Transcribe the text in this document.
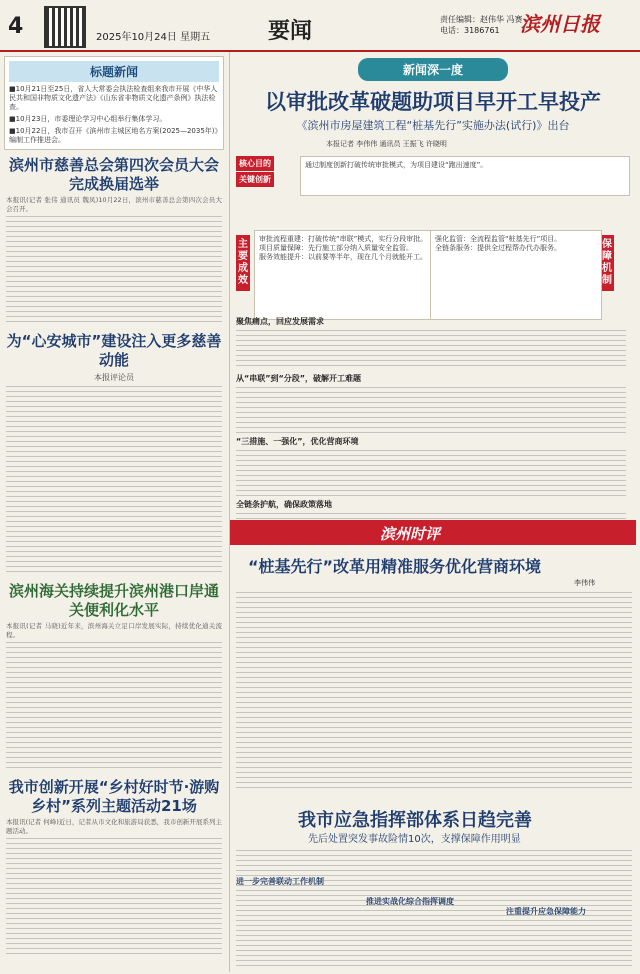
4	2025年10月24日 星期五	要闻	责任编辑：赵伟华 冯赛
电话：3186761	滨州日报
标题新闻
■10月21日至25日，省人大常委会执法检查组来我市开展《中华人民共和国非物质文化遗产法》《山东省非物质文化遗产条例》执法检查。
■10月23日，市委理论学习中心组举行集体学习。
■10月22日，我市召开《滨州市主城区地名方案(2025—2035年)》编制工作推进会。
滨州市慈善总会第四次会员大会完成换届选举
本报讯(记者 张伟 通讯员 魏凤)10月22日，滨州市慈善总会第四次会员大会召开。
为“心安城市”建设注入更多慈善动能
本报评论员
滨州海关持续提升滨州港口岸通关便利化水平
本报讯(记者 马晓)近年来，滨州海关立足口岸发展实际，持续优化通关流程。
我市创新开展“乡村好时节·游购乡村”系列主题活动21场
本报讯(记者 何峰)近日，记者从市文化和旅游局获悉，我市创新开展系列主题活动。
新闻深一度
以审批改革破题助项目早开工早投产
《滨州市房屋建筑工程“桩基先行”实施办法(试行)》出台
本报记者 李伟伟 通讯员 王振飞 许晓明
核心目的
关键创新
通过制度创新打破传统审批模式，为项目建设“跑出速度”。
主要成效
审批流程重建：打破传统“串联”模式，实行分段审批。
项目质量保障：先行施工部分纳入质量安全监管。
服务效能提升：以前要等半年，现在几个月就能开工。
保障机制
强化监管：全流程监管“桩基先行”项目。
全链条服务：提供全过程帮办代办服务。
聚焦痛点，回应发展需求
从“串联”到“分段”，破解开工难题
“三措施、一强化”，优化营商环境
全链条护航，确保政策落地
滨州时评
“桩基先行”改革用精准服务优化营商环境
李伟伟
我市应急指挥部体系日趋完善
先后处置突发事故险情10次，支撑保障作用明显
进一步完善联动工作机制
推进实战化综合指挥调度
注重提升应急保障能力
